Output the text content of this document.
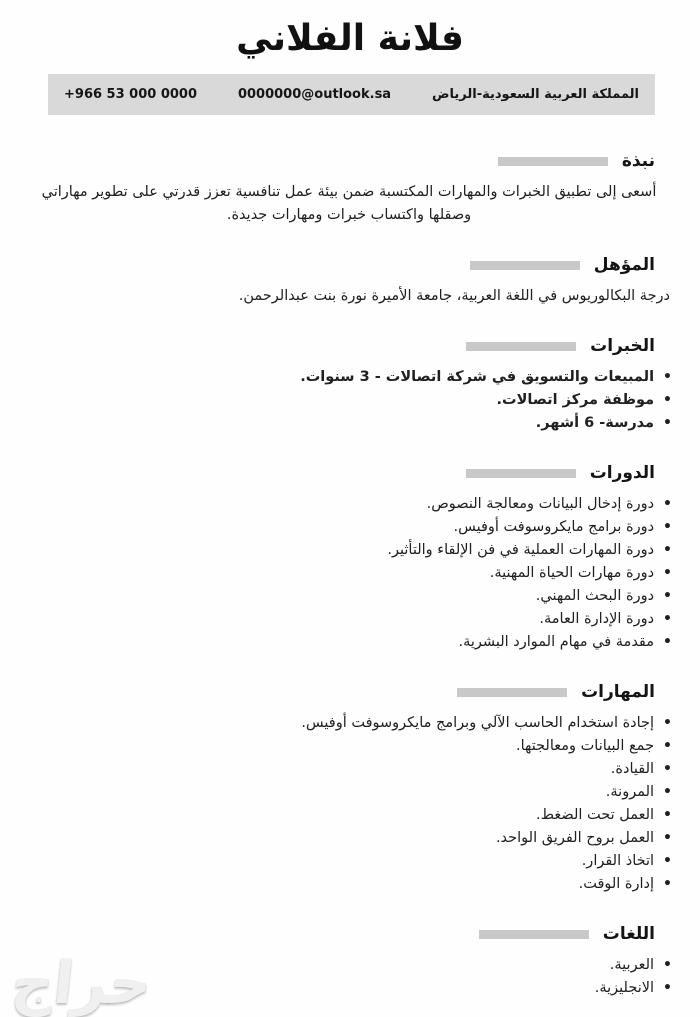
فلانة الفلاني
المملكة العربية السعودية-الرياض
0000000@outlook.sa
+966 53 000 0000
نبذة

أسعى إلى تطبيق الخبرات والمهارات المكتسبة ضمن بيئة عمل تنافسية تعزز قدرتي على تطوير مهاراتي وصقلها واكتساب خبرات ومهارات جديدة.

المؤهل

درجة البكالوريوس في اللغة العربية، جامعة الأميرة نورة بنت عبدالرحمن.

الخبرات
•المبيعات والتسويق في شركة اتصالات - 3 سنوات.
•موظفة مركز اتصالات.
•مدرسة- 6 أشهر.
الدورات
•دورة إدخال البيانات ومعالجة النصوص.
•دورة برامج مايكروسوفت أوفيس.
•دورة المهارات العملية في فن الإلقاء والتأثير.
•دورة مهارات الحياة المهنية.
•دورة البحث المهني.
•دورة الإدارة العامة.
•مقدمة في مهام الموارد البشرية.
المهارات
•إجادة استخدام الحاسب الآلي وبرامج مايكروسوفت أوفيس.
•جمع البيانات ومعالجتها.
•القيادة.
•المرونة.
•العمل تحت الضغط.
•العمل بروح الفريق الواحد.
•اتخاذ القرار.
•إدارة الوقت.
اللغات
•العربية.
•الانجليزية.
حراج
